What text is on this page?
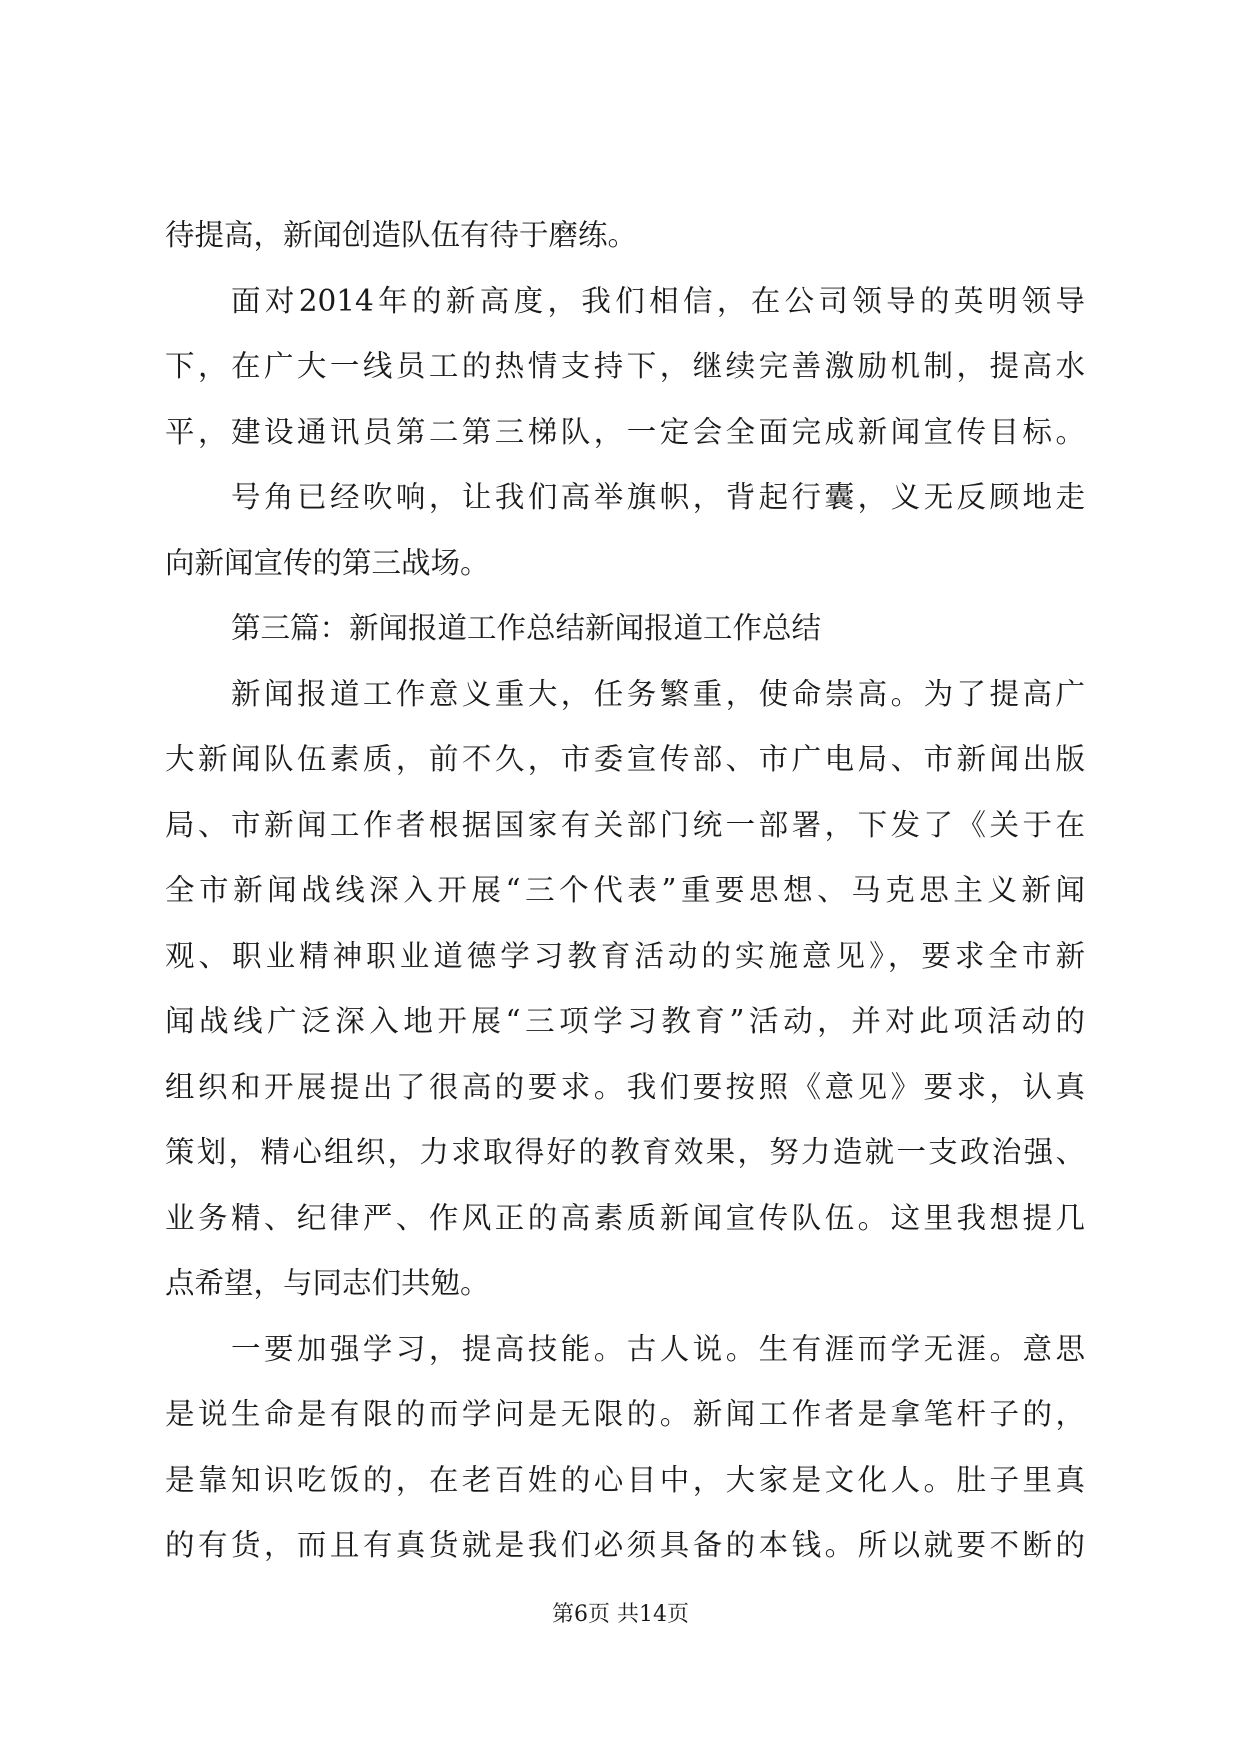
待提高，新闻创造队伍有待于磨练。
面对2014年的新高度，我们相信，在公司领导的英明领导
下，在广大一线员工的热情支持下，继续完善激励机制，提高水
平，建设通讯员第二第三梯队，一定会全面完成新闻宣传目标。
号角已经吹响，让我们高举旗帜，背起行囊，义无反顾地走
向新闻宣传的第三战场。
第三篇：新闻报道工作总结新闻报道工作总结
新闻报道工作意义重大，任务繁重，使命崇高。为了提高广
大新闻队伍素质，前不久，市委宣传部、市广电局、市新闻出版
局、市新闻工作者根据国家有关部门统一部署，下发了《关于在
全市新闻战线深入开展“三个代表”重要思想、马克思主义新闻
观、职业精神职业道德学习教育活动的实施意见》，要求全市新
闻战线广泛深入地开展“三项学习教育”活动，并对此项活动的
组织和开展提出了很高的要求。我们要按照《意见》要求，认真
策划，精心组织，力求取得好的教育效果，努力造就一支政治强、
业务精、纪律严、作风正的高素质新闻宣传队伍。这里我想提几
点希望，与同志们共勉。
一要加强学习，提高技能。古人说。生有涯而学无涯。意思
是说生命是有限的而学问是无限的。新闻工作者是拿笔杆子的，
是靠知识吃饭的，在老百姓的心目中，大家是文化人。肚子里真
的有货，而且有真货就是我们必须具备的本钱。所以就要不断的
第6页 共14页
